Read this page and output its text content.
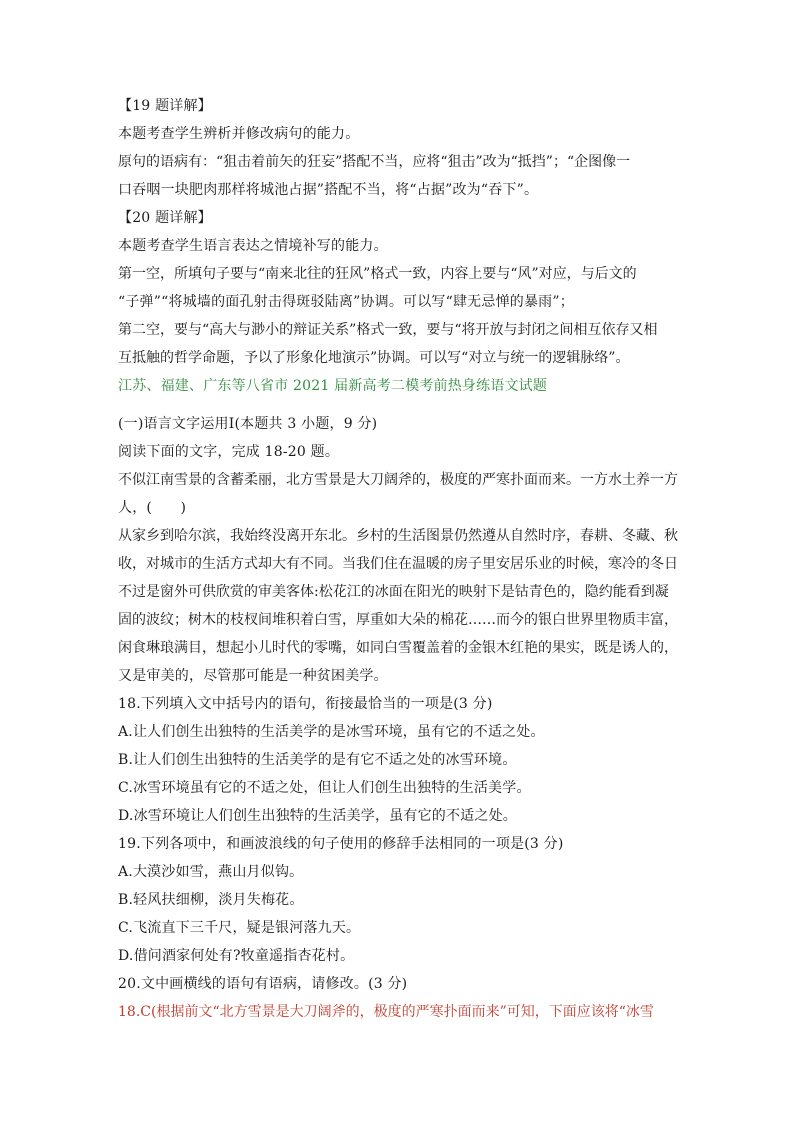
【19 题详解】
本题考查学生辨析并修改病句的能力。
原句的语病有：“狙击着前矢的狂妄”搭配不当，应将“狙击”改为“抵挡”；“企图像一
口吞咽一块肥肉那样将城池占据”搭配不当，将“占据”改为“吞下”。
【20 题详解】
本题考查学生语言表达之情境补写的能力。
第一空，所填句子要与“南来北往的狂风”格式一致，内容上要与“风”对应，与后文的
“子弹”“将城墙的面孔射击得斑驳陆离”协调。可以写“肆无忌惮的暴雨”；
第二空，要与“高大与渺小的辩证关系”格式一致，要与“将开放与封闭之间相互依存又相
互抵触的哲学命题，予以了形象化地演示”协调。可以写“对立与统一的逻辑脉络”。
江苏、福建、广东等八省市 2021 届新高考二模考前热身练语文试题
(一)语言文字运用Ⅰ(本题共 3 小题，9 分)
阅读下面的文字，完成 18-20 题。
不似江南雪景的含蓄柔丽，北方雪景是大刀阔斧的，极度的严寒扑面而来。一方水土养一方
人，(　　)
从家乡到哈尔滨，我始终没离开东北。乡村的生活图景仍然遵从自然时序，春耕、冬藏、秋
收，对城市的生活方式却大有不同。当我们住在温暖的房子里安居乐业的时候，寒冷的冬日
不过是窗外可供欣赏的审美客体:松花江的冰面在阳光的映射下是钴青色的，隐约能看到凝
固的波纹；树木的枝杈间堆积着白雪，厚重如大朵的棉花……而今的银白世界里物质丰富，
闲食琳琅满目，想起小儿时代的零嘴，如同白雪覆盖着的金银木红艳的果实，既是诱人的，
又是审美的，尽管那可能是一种贫困美学。
18.下列填入文中括号内的语句，衔接最恰当的一项是(3 分)
A.让人们创生出独特的生活美学的是冰雪环境，虽有它的不适之处。
B.让人们创生出独特的生活美学的是有它不适之处的冰雪环境。
C.冰雪环境虽有它的不适之处，但让人们创生出独特的生活美学。
D.冰雪环境让人们创生出独特的生活美学，虽有它的不适之处。
19.下列各项中，和画波浪线的句子使用的修辞手法相同的一项是(3 分)
A.大漠沙如雪，燕山月似钩。
B.轻风扶细柳，淡月失梅花。
C.飞流直下三千尺，疑是银河落九天。
D.借问酒家何处有?牧童遥指杏花村。
20.文中画横线的语句有语病，请修改。(3 分)
18.C(根据前文“北方雪景是大刀阔斧的，极度的严寒扑面而来”可知，下面应该将“冰雪
